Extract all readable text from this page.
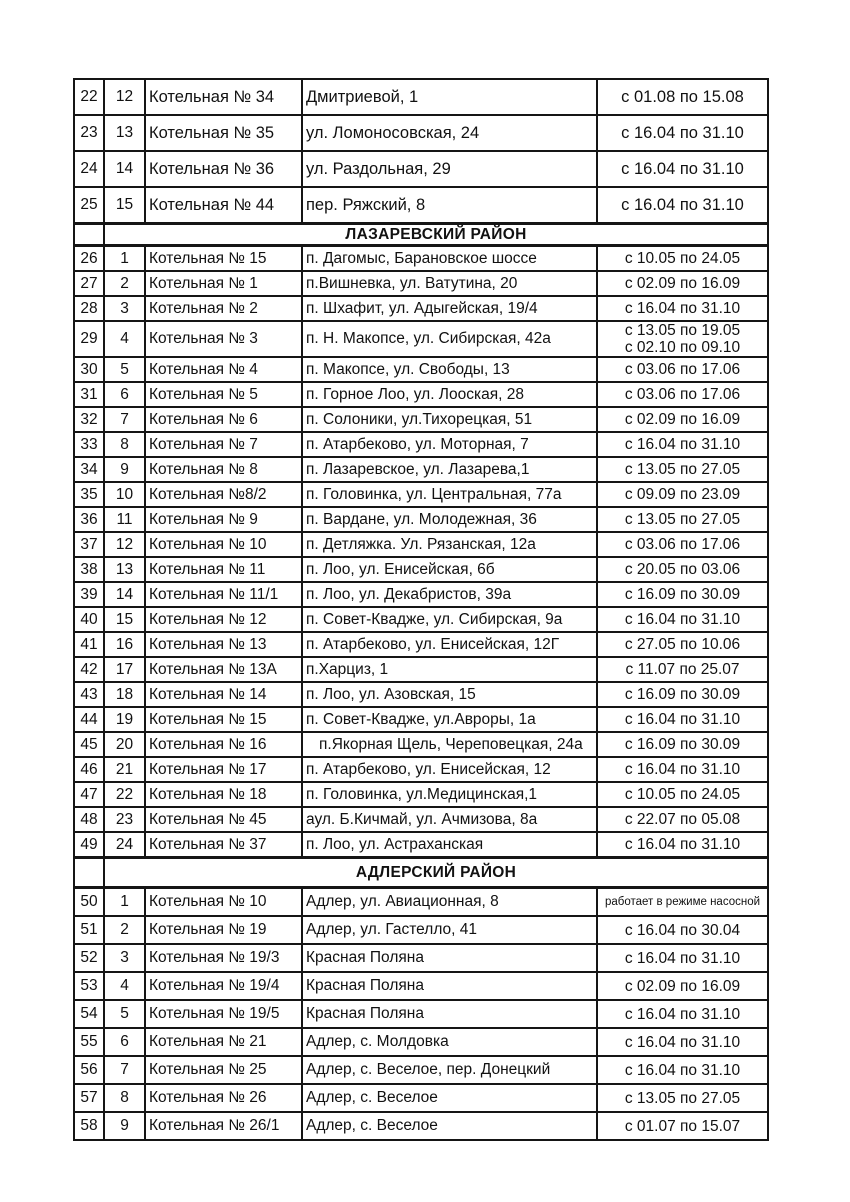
22	12	Котельная № 34	Дмитриевой, 1	с 01.08 по 15.08

23	13	Котельная № 35	ул. Ломоносовская, 24	с 16.04 по 31.10

24	14	Котельная № 36	ул. Раздольная, 29	с 16.04 по 31.10

25	15	Котельная № 44	пер. Ряжский, 8	с 16.04 по 31.10

	ЛАЗАРЕВСКИЙ РАЙОН			
26	1	Котельная № 15	п. Дагомыс, Барановское шоссе	с 10.05 по 24.05

27	2	Котельная № 1	п.Вишневка, ул. Ватутина, 20	с 02.09 по 16.09

28	3	Котельная № 2	п. Шхафит, ул. Адыгейская, 19/4	с 16.04 по 31.10

29	4	Котельная № 3	п. Н. Макопсе, ул. Сибирская, 42а	с 13.05 по 19.05
с 02.10 по 09.10

30	5	Котельная № 4	п. Макопсе, ул. Свободы, 13	с 03.06 по 17.06

31	6	Котельная № 5	п. Горное Лоо, ул. Лооская, 28	с 03.06 по 17.06

32	7	Котельная № 6	п. Солоники, ул.Тихорецкая, 51	с 02.09 по 16.09

33	8	Котельная № 7	п. Атарбеково, ул. Моторная, 7	с 16.04 по 31.10

34	9	Котельная № 8	п. Лазаревское, ул. Лазарева,1	с 13.05 по 27.05

35	10	Котельная №8/2	п. Головинка, ул. Центральная, 77а	с 09.09 по 23.09

36	11	Котельная № 9	п. Вардане, ул. Молодежная, 36	с 13.05 по 27.05

37	12	Котельная № 10	п. Детляжка. Ул. Рязанская, 12а	с 03.06 по 17.06

38	13	Котельная № 11	п. Лоо, ул. Енисейская, 6б	с 20.05 по 03.06

39	14	Котельная № 11/1	п. Лоо, ул. Декабристов, 39а	с 16.09 по 30.09

40	15	Котельная № 12	п. Совет-Квадже, ул. Сибирская, 9а	с 16.04 по 31.10

41	16	Котельная № 13	п. Атарбеково, ул. Енисейская, 12Г	с 27.05 по 10.06

42	17	Котельная № 13А	п.Харциз, 1	с 11.07 по 25.07

43	18	Котельная № 14	п. Лоо, ул. Азовская, 15	с 16.09 по 30.09

44	19	Котельная № 15	п. Совет-Квадже, ул.Авроры, 1а	с 16.04 по 31.10

45	20	Котельная № 16	п.Якорная Щель, Череповецкая, 24а	с 16.09 по 30.09

46	21	Котельная № 17	п. Атарбеково, ул. Енисейская, 12	с 16.04 по 31.10

47	22	Котельная № 18	п. Головинка, ул.Медицинская,1	с 10.05 по 24.05

48	23	Котельная № 45	аул. Б.Кичмай, ул. Ачмизова, 8а	с 22.07 по 05.08

49	24	Котельная № 37	п. Лоо, ул. Астраханская	с 16.04 по 31.10

	АДЛЕРСКИЙ РАЙОН			
50	1	Котельная № 10	Адлер, ул. Авиационная, 8	работает в режиме насосной

51	2	Котельная № 19	Адлер, ул. Гастелло, 41	с 16.04 по 30.04

52	3	Котельная № 19/3	Красная Поляна	с 16.04 по 31.10

53	4	Котельная № 19/4	Красная Поляна	с 02.09 по 16.09

54	5	Котельная № 19/5	Красная Поляна	с 16.04 по 31.10

55	6	Котельная № 21	Адлер, с. Молдовка	с 16.04 по 31.10

56	7	Котельная № 25	Адлер, с. Веселое, пер. Донецкий	с 16.04 по 31.10

57	8	Котельная № 26	Адлер, с. Веселое	с 13.05 по 27.05

58	9	Котельная № 26/1	Адлер, с. Веселое	с 01.07 по 15.07
